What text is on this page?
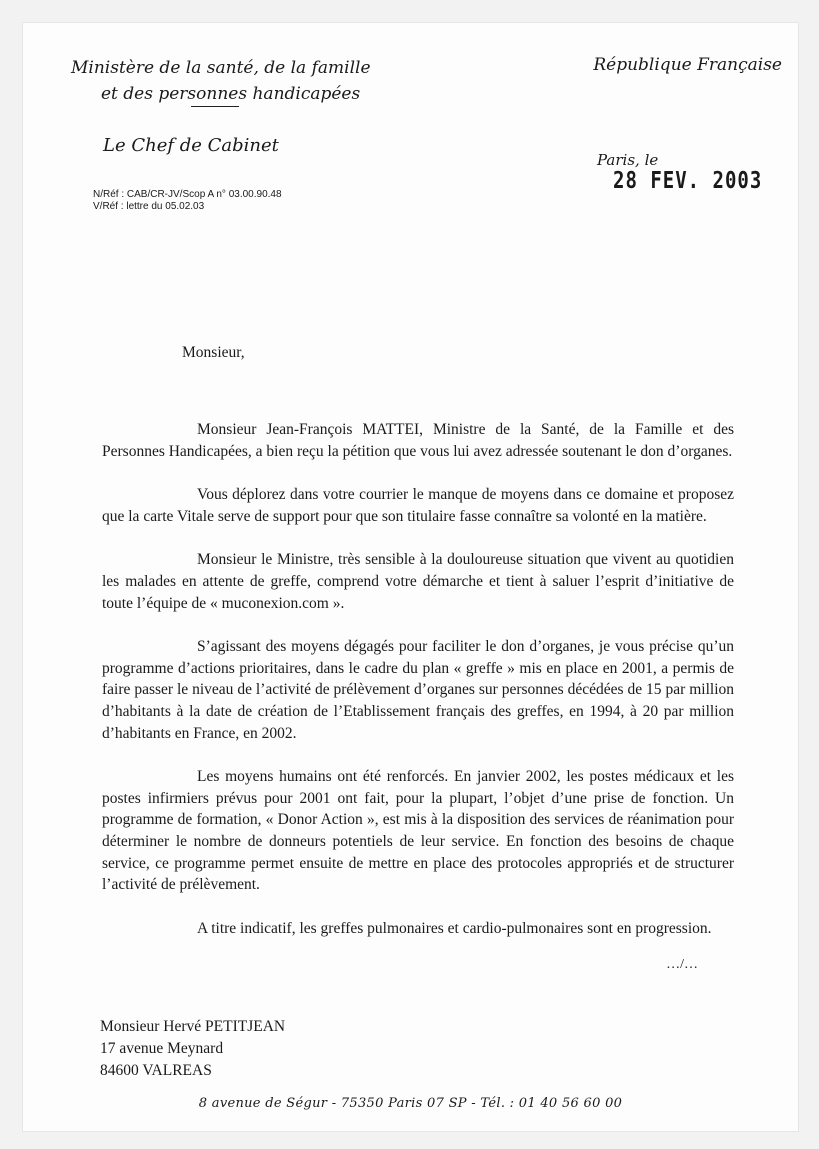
Ministère de la santé, de la famille
et des personnes handicapées
Le Chef de Cabinet
République Française
N/Réf : CAB/CR-JV/Scop A n° 03.00.90.48
V/Réf : lettre du 05.02.03
Paris, le 28 FEV. 2003
Monsieur,

Monsieur Jean-François MATTEI, Ministre de la Santé, de la Famille et des Personnes Handicapées, a bien reçu la pétition que vous lui avez adressée soutenant le don d’organes.

Vous déplorez dans votre courrier le manque de moyens dans ce domaine et proposez que la carte Vitale serve de support pour que son titulaire fasse connaître sa volonté en la matière.

Monsieur le Ministre, très sensible à la douloureuse situation que vivent au quotidien les malades en attente de greffe, comprend votre démarche et tient à saluer l’esprit d’initiative de toute l’équipe de « muconexion.com ».

S’agissant des moyens dégagés pour faciliter le don d’organes, je vous précise qu’un programme d’actions prioritaires, dans le cadre du plan « greffe » mis en place en 2001, a permis de faire passer le niveau de l’activité de prélèvement d’organes sur personnes décédées de 15 par million d’habitants à la date de création de l’Etablissement français des greffes, en 1994, à 20 par million d’habitants en France, en 2002.

Les moyens humains ont été renforcés. En janvier 2002, les postes médicaux et les postes infirmiers prévus pour 2001 ont fait, pour la plupart, l’objet d’une prise de fonction. Un programme de formation, « Donor Action », est mis à la disposition des services de réanimation pour déterminer le nombre de donneurs potentiels de leur service. En fonction des besoins de chaque service, ce programme permet ensuite de mettre en place des protocoles appropriés et de structurer l’activité de prélèvement.

A titre indicatif, les greffes pulmonaires et cardio-pulmonaires sont en progression.

…/…
Monsieur Hervé PETITJEAN
17 avenue Meynard
84600 VALREAS
8 avenue de Ségur - 75350 Paris 07 SP - Tél. : 01 40 56 60 00
